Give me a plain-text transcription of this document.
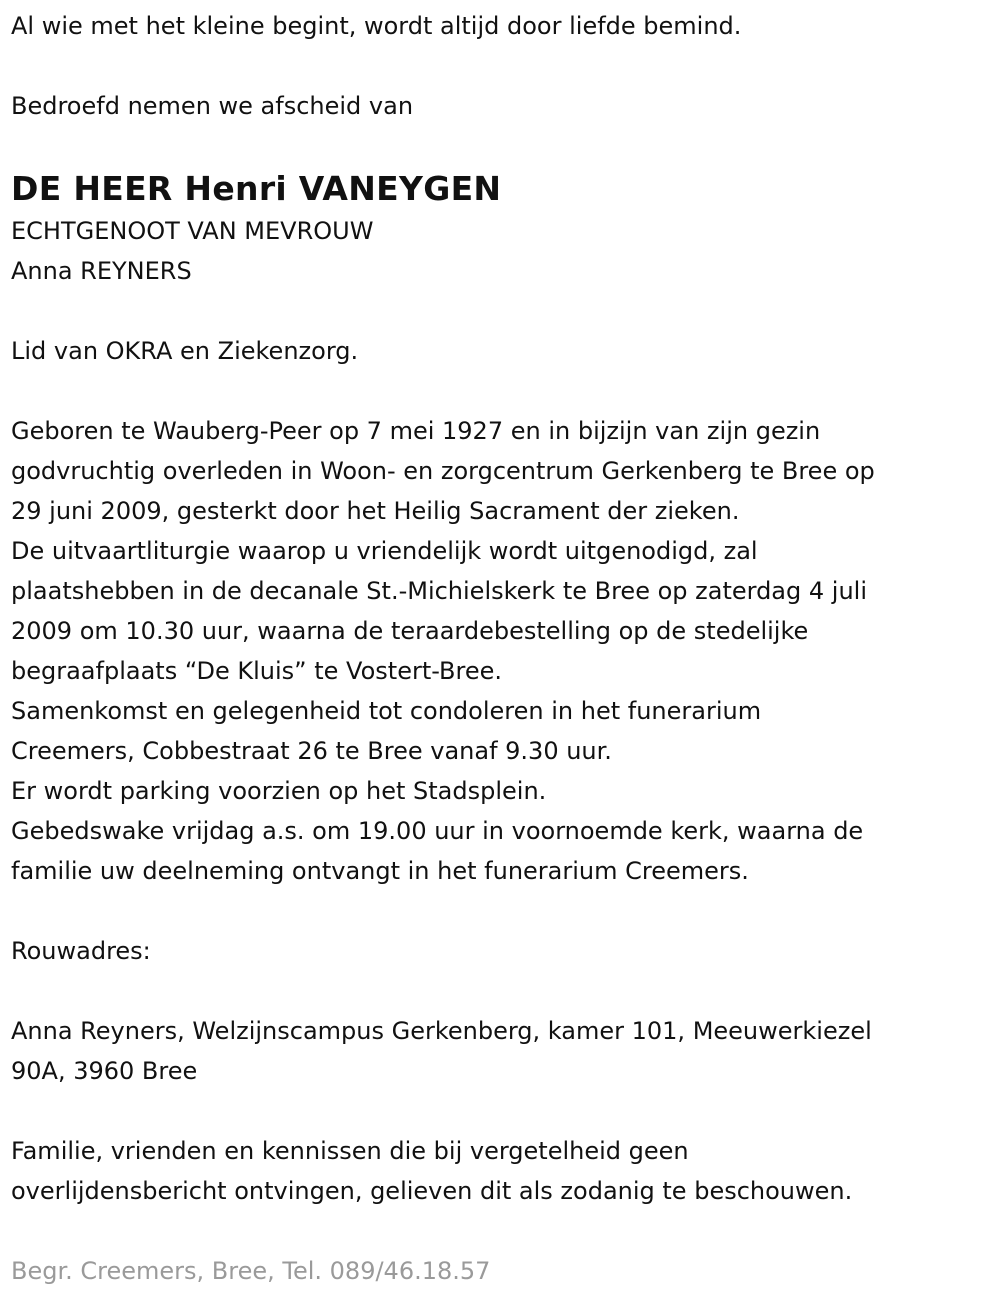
Al wie met het kleine begint, wordt altijd door liefde bemind.

Bedroefd nemen we afscheid van

DE HEER Henri VANEYGEN

ECHTGENOOT VAN MEVROUW

Anna REYNERS

Lid van OKRA en Ziekenzorg.

Geboren te Wauberg-Peer op 7 mei 1927 en in bijzijn van zijn gezin

godvruchtig overleden in Woon- en zorgcentrum Gerkenberg te Bree op

29 juni 2009, gesterkt door het Heilig Sacrament der zieken.

De uitvaartliturgie waarop u vriendelijk wordt uitgenodigd, zal

plaatshebben in de decanale St.-Michielskerk te Bree op zaterdag 4 juli

2009 om 10.30 uur, waarna de teraardebestelling op de stedelijke

begraafplaats “De Kluis” te Vostert-Bree.

Samenkomst en gelegenheid tot condoleren in het funerarium

Creemers, Cobbestraat 26 te Bree vanaf 9.30 uur.

Er wordt parking voorzien op het Stadsplein.

Gebedswake vrijdag a.s. om 19.00 uur in voornoemde kerk, waarna de

familie uw deelneming ontvangt in het funerarium Creemers.

Rouwadres:

Anna Reyners, Welzijnscampus Gerkenberg, kamer 101, Meeuwerkiezel

90A, 3960 Bree

Familie, vrienden en kennissen die bij vergetelheid geen

overlijdensbericht ontvingen, gelieven dit als zodanig te beschouwen.

Begr. Creemers, Bree, Tel. 089/46.18.57
